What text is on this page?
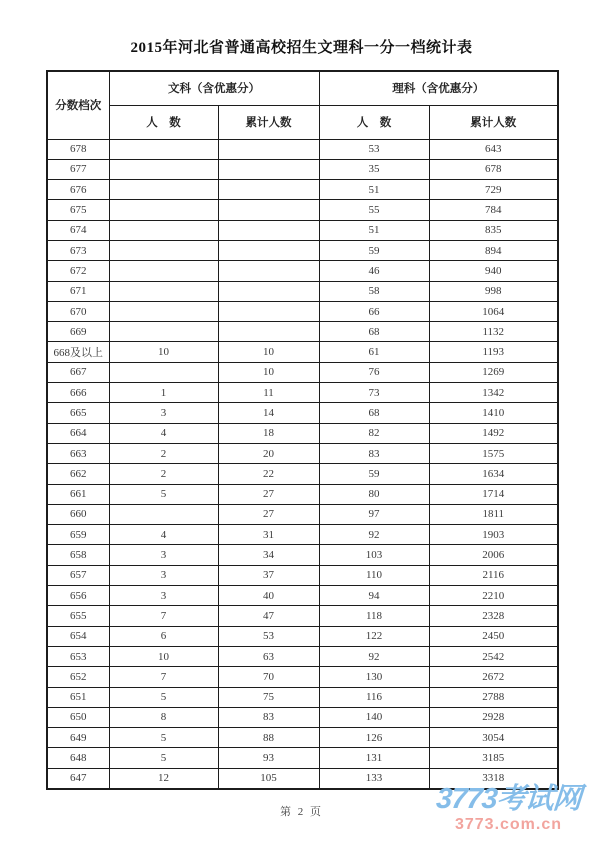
2015年河北省普通高校招生文理科一分一档统计表
分数档次	文科（含优惠分）		理科（含优惠分）	
	人　数	累计人数	人　数	累计人数
678			53	643
677			35	678
676			51	729
675			55	784
674			51	835
673			59	894
672			46	940
671			58	998
670			66	1064
669			68	1132
668及以上	10	10	61	1193
667		10	76	1269
666	1	11	73	1342
665	3	14	68	1410
664	4	18	82	1492
663	2	20	83	1575
662	2	22	59	1634
661	5	27	80	1714
660		27	97	1811
659	4	31	92	1903
658	3	34	103	2006
657	3	37	110	2116
656	3	40	94	2210
655	7	47	118	2328
654	6	53	122	2450
653	10	63	92	2542
652	7	70	130	2672
651	5	75	116	2788
650	8	83	140	2928
649	5	88	126	3054
648	5	93	131	3185
647	12	105	133	3318
第 2 页	3773考试网
3773.com.cn
